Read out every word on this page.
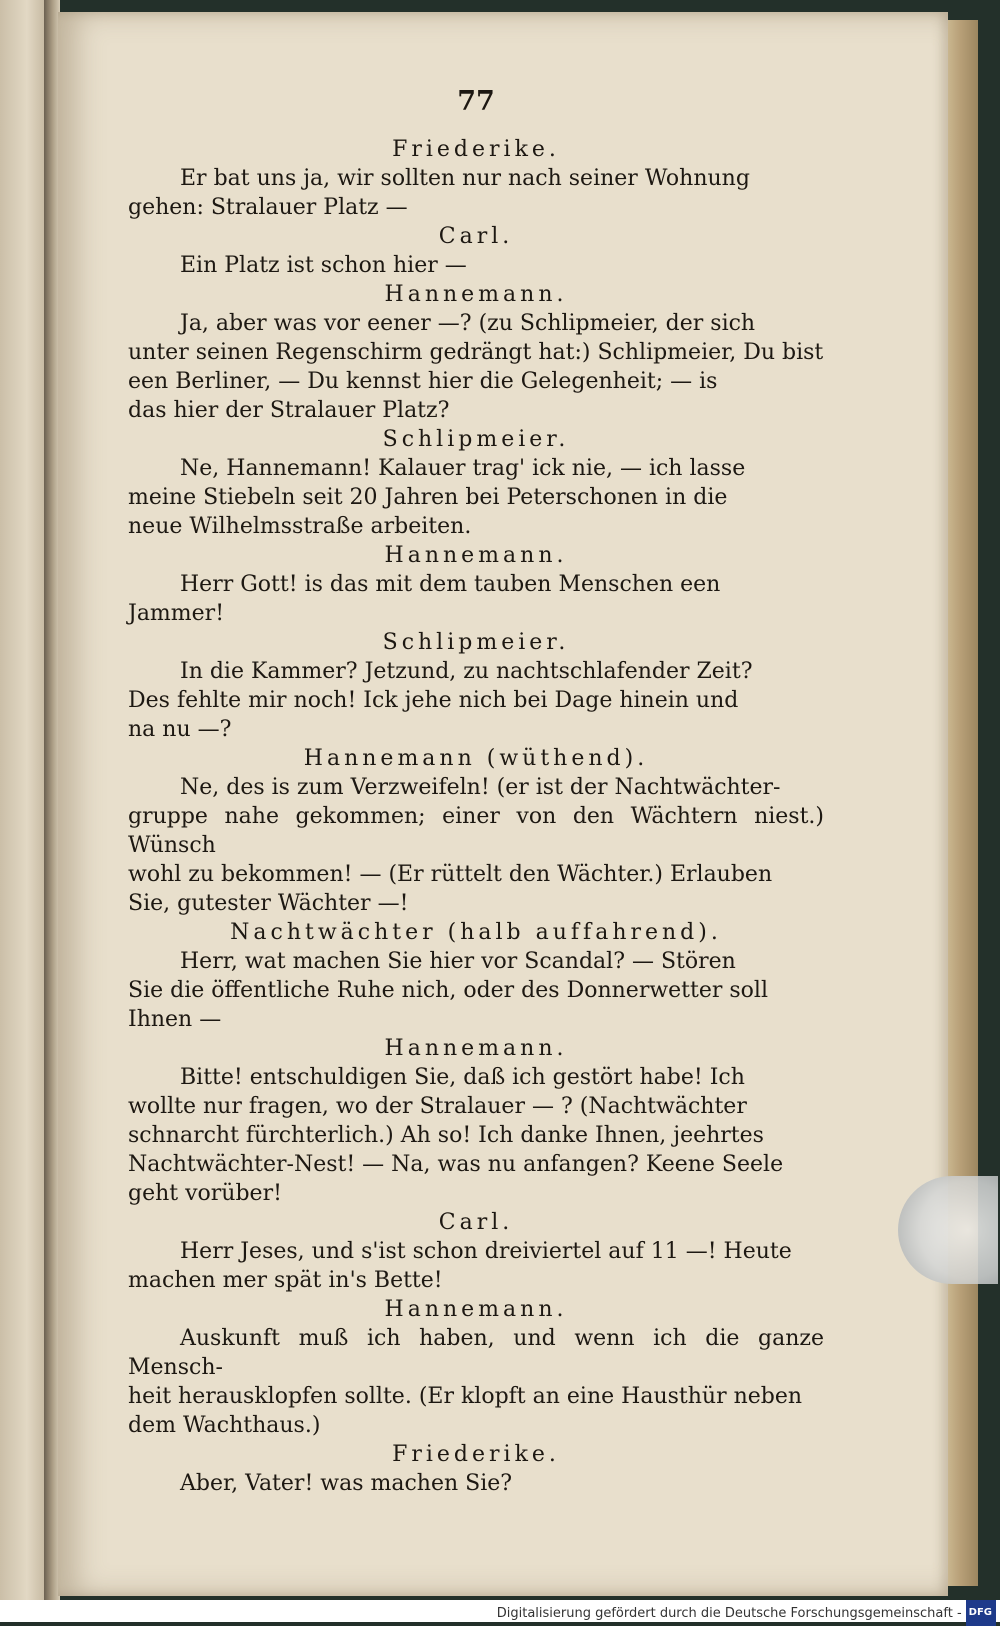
77

Friederike.

Er bat uns ja, wir sollten nur nach seiner Wohnung

gehen: Stralauer Platz —

Carl.

Ein Platz ist schon hier —

Hannemann.

Ja, aber was vor eener —? (zu Schlipmeier, der sich

unter seinen Regenschirm gedrängt hat:) Schlipmeier, Du bist

een Berliner, — Du kennst hier die Gelegenheit; — is

das hier der Stralauer Platz?

Schlipmeier.

Ne, Hannemann! Kalauer trag' ick nie, — ich lasse

meine Stiebeln seit 20 Jahren bei Peterschonen in die

neue Wilhelmsstraße arbeiten.

Hannemann.

Herr Gott! is das mit dem tauben Menschen een

Jammer!

Schlipmeier.

In die Kammer? Jetzund, zu nachtschlafender Zeit?

Des fehlte mir noch! Ick jehe nich bei Dage hinein und

na nu —?

Hannemann (wüthend).

Ne, des is zum Verzweifeln! (er ist der Nachtwächter-

gruppe nahe gekommen; einer von den Wächtern niest.) Wünsch

wohl zu bekommen! — (Er rüttelt den Wächter.) Erlauben

Sie, gutester Wächter —!

Nachtwächter (halb auffahrend).

Herr, wat machen Sie hier vor Scandal? — Stören

Sie die öffentliche Ruhe nich, oder des Donnerwetter soll

Ihnen —

Hannemann.

Bitte! entschuldigen Sie, daß ich gestört habe! Ich

wollte nur fragen, wo der Stralauer — ? (Nachtwächter

schnarcht fürchterlich.) Ah so! Ich danke Ihnen, jeehrtes

Nachtwächter-Nest! — Na, was nu anfangen? Keene Seele

geht vorüber!

Carl.

Herr Jeses, und s'ist schon dreiviertel auf 11 —! Heute

machen mer spät in's Bette!

Hannemann.

Auskunft muß ich haben, und wenn ich die ganze Mensch-

heit herausklopfen sollte. (Er klopft an eine Hausthür neben

dem Wachthaus.)

Friederike.

Aber, Vater! was machen Sie?

Digitalisierung gefördert durch die Deutsche Forschungsgemeinschaft - DFG
